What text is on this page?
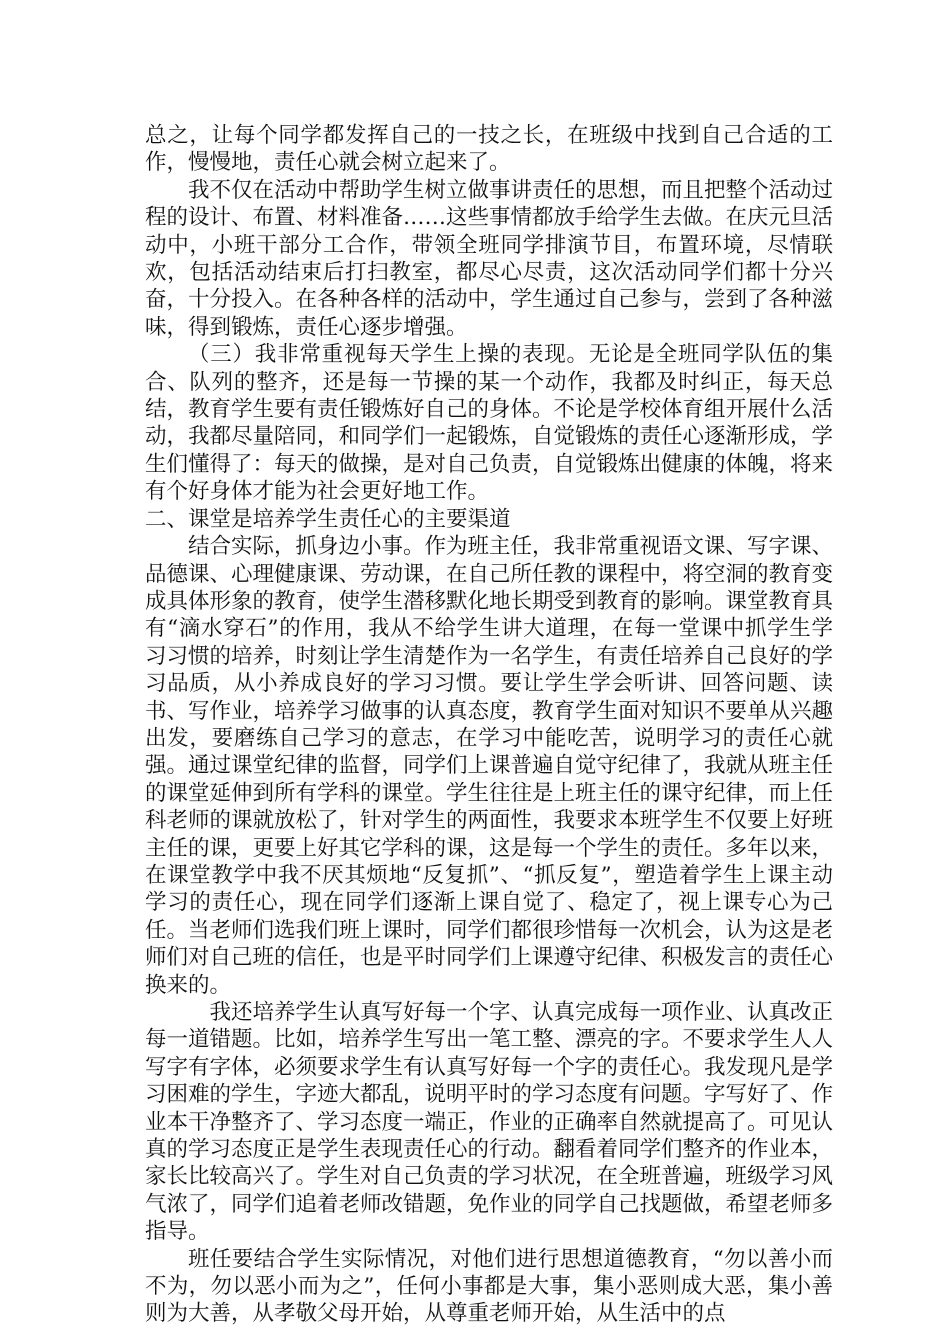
总之，让每个同学都发挥自己的一技之长，在班级中找到自己合适的工作，慢慢地，责任心就会树立起来了。

我不仅在活动中帮助学生树立做事讲责任的思想，而且把整个活动过程的设计、布置、材料准备……这些事情都放手给学生去做。在庆元旦活动中，小班干部分工合作，带领全班同学排演节目，布置环境，尽情联欢，包括活动结束后打扫教室，都尽心尽责，这次活动同学们都十分兴奋，十分投入。在各种各样的活动中，学生通过自己参与，尝到了各种滋味，得到锻炼，责任心逐步增强。

（三）我非常重视每天学生上操的表现。无论是全班同学队伍的集合、队列的整齐，还是每一节操的某一个动作，我都及时纠正，每天总结，教育学生要有责任锻炼好自己的身体。不论是学校体育组开展什么活动，我都尽量陪同，和同学们一起锻炼，自觉锻炼的责任心逐渐形成，学生们懂得了：每天的做操，是对自己负责，自觉锻炼出健康的体魄，将来有个好身体才能为社会更好地工作。

二、课堂是培养学生责任心的主要渠道

结合实际，抓身边小事。作为班主任，我非常重视语文课、写字课、品德课、心理健康课、劳动课，在自己所任教的课程中，将空洞的教育变成具体形象的教育，使学生潜移默化地长期受到教育的影响。课堂教育具有“滴水穿石”的作用，我从不给学生讲大道理，在每一堂课中抓学生学习习惯的培养，时刻让学生清楚作为一名学生，有责任培养自己良好的学习品质，从小养成良好的学习习惯。要让学生学会听讲、回答问题、读书、写作业，培养学习做事的认真态度，教育学生面对知识不要单从兴趣出发，要磨练自己学习的意志，在学习中能吃苦，说明学习的责任心就强。通过课堂纪律的监督，同学们上课普遍自觉守纪律了，我就从班主任的课堂延伸到所有学科的课堂。学生往往是上班主任的课守纪律，而上任科老师的课就放松了，针对学生的两面性，我要求本班学生不仅要上好班主任的课，更要上好其它学科的课，这是每一个学生的责任。多年以来，在课堂教学中我不厌其烦地“反复抓”、“抓反复”，塑造着学生上课主动学习的责任心，现在同学们逐渐上课自觉了、稳定了，视上课专心为己任。当老师们选我们班上课时，同学们都很珍惜每一次机会，认为这是老师们对自己班的信任，也是平时同学们上课遵守纪律、积极发言的责任心换来的。

我还培养学生认真写好每一个字、认真完成每一项作业、认真改正每一道错题。比如，培养学生写出一笔工整、漂亮的字。不要求学生人人写字有字体，必须要求学生有认真写好每一个字的责任心。我发现凡是学习困难的学生，字迹大都乱，说明平时的学习态度有问题。字写好了、作业本干净整齐了、学习态度一端正，作业的正确率自然就提高了。可见认真的学习态度正是学生表现责任心的行动。翻看着同学们整齐的作业本，家长比较高兴了。学生对自己负责的学习状况，在全班普遍，班级学习风气浓了，同学们追着老师改错题，免作业的同学自己找题做，希望老师多指导。

班任要结合学生实际情况，对他们进行思想道德教育，“勿以善小而不为，勿以恶小而为之”，任何小事都是大事，集小恶则成大恶，集小善则为大善，从孝敬父母开始，从尊重老师开始，从生活中的点
